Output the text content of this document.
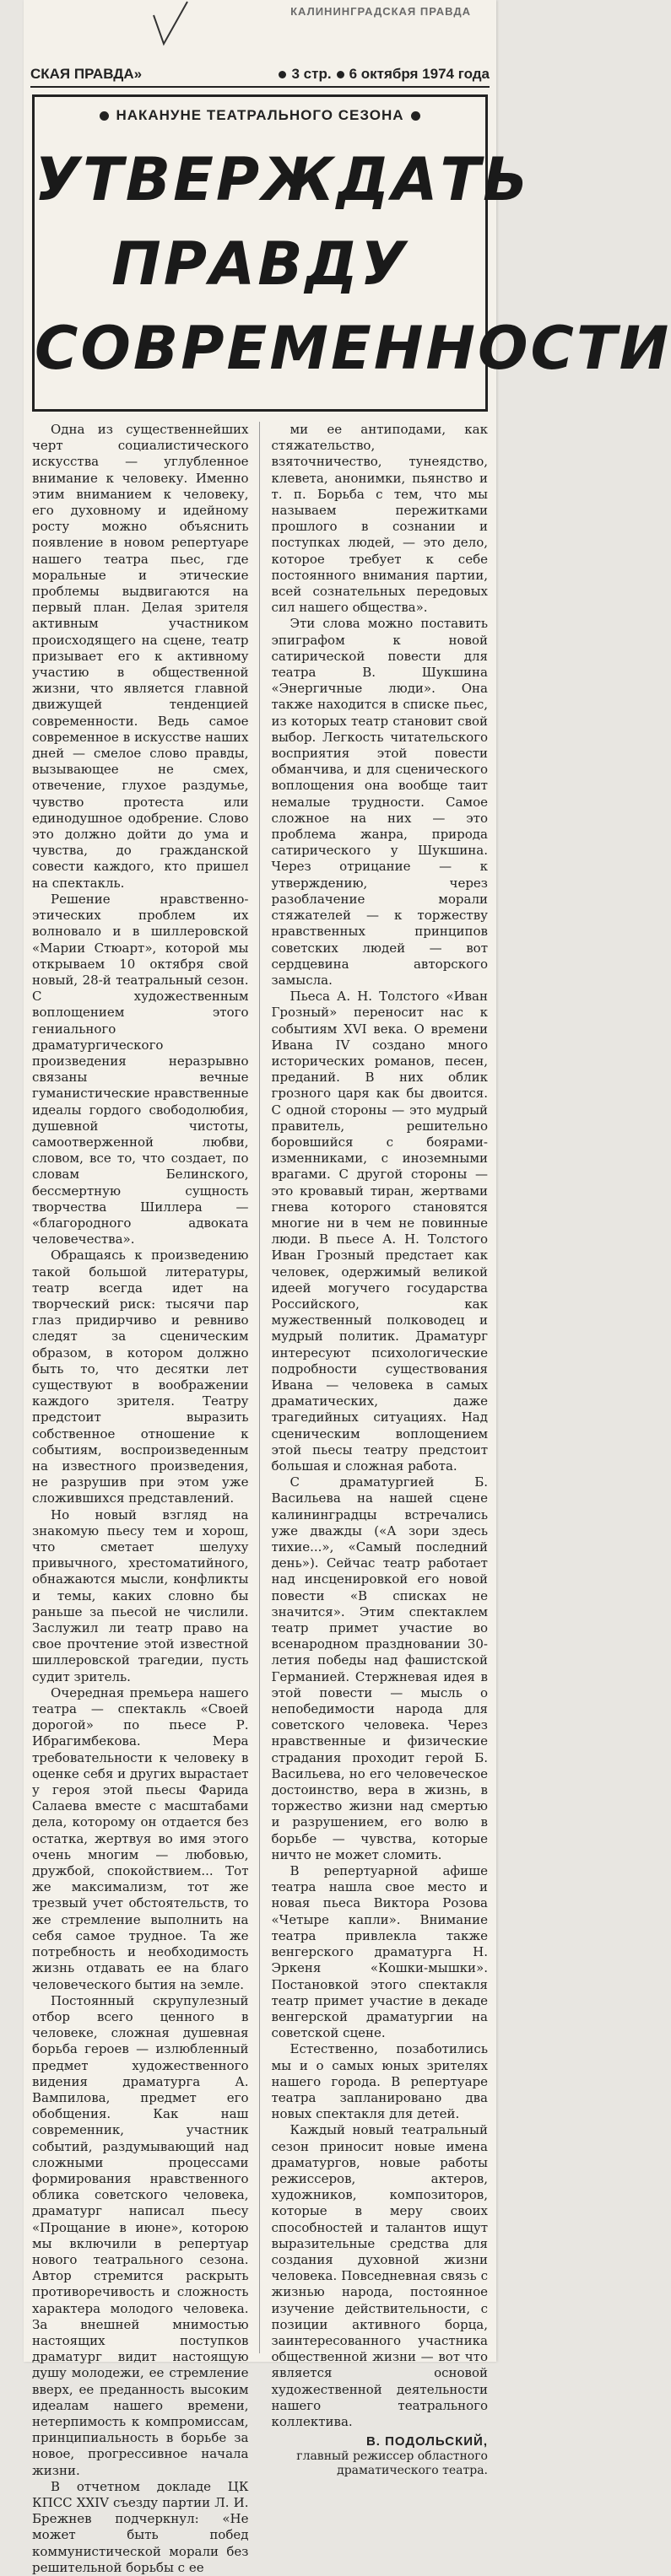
КАЛИНИНГРАДСКАЯ ПРАВДА
СКАЯ ПРАВДА»	3 стр. 6 октября 1974 года
НАКАНУНЕ ТЕАТРАЛЬНОГО СЕЗОНА
УТВЕРЖДАТЬ
ПРАВДУ
СОВРЕМЕННОСТИ

Одна из существеннейших черт социалистического искусства — углубленное внимание к человеку. Именно этим вниманием к человеку, его духовному и идейному росту можно объяснить появление в новом репертуаре нашего театра пьес, где моральные и этические проблемы выдвигаются на первый план. Делая зрителя активным участником происходящего на сцене, театр призывает его к активному участию в общественной жизни, что является главной движущей тенденцией современности. Ведь самое современное в искусстве наших дней — смелое слово правды, вызывающее не смех, отвечение, глухое раздумье, чувство протеста или единодушное одобрение. Слово это должно дойти до ума и чувства, до гражданской совести каждого, кто пришел на спектакль.

Решение нравственно-этических проблем их волновало и в шиллеровской «Марии Стюарт», которой мы открываем 10 октября свой новый, 28-й театральный сезон. С художественным воплощением этого гениального драматургического произведения неразрывно связаны вечные гуманистические нравственные идеалы гордого свободолюбия, душевной чистоты, самоотверженной любви, словом, все то, что создает, по словам Белинского, бессмертную сущность творчества Шиллера — «благородного адвоката человечества».

Обращаясь к произведению такой большой литературы, театр всегда идет на творческий риск: тысячи пар глаз придирчиво и ревниво следят за сценическим образом, в котором должно быть то, что десятки лет существуют в воображении каждого зрителя. Театру предстоит выразить собственное отношение к событиям, воспроизведенным на известного произведения, не разрушив при этом уже сложившихся представлений.

Но новый взгляд на знакомую пьесу тем и хорош, что сметает шелуху привычного, хрестоматийного, обнажаются мысли, конфликты и темы, каких словно бы раньше за пьесой не числили. Заслужил ли театр право на свое прочтение этой известной шиллеровской трагедии, пусть судит зритель.

Очередная премьера нашего театра — спектакль «Своей дорогой» по пьесе Р. Ибрагимбекова. Мера требовательности к человеку в оценке себя и других вырастает у героя этой пьесы Фарида Салаева вместе с масштабами дела, которому он отдается без остатка, жертвуя во имя этого очень многим — любовью, дружбой, спокойствием... Тот же максимализм, тот же трезвый учет обстоятельств, то же стремление выполнить на себя самое трудное. Та же потребность и необходимость жизнь отдавать ее на благо человеческого бытия на земле.

Постоянный скрупулезный отбор всего ценного в человеке, сложная душевная борьба героев — излюбленный предмет художественного видения драматурга А. Вампилова, предмет его обобщения. Как наш современник, участник событий, раздумывающий над сложными процессами формирования нравственного облика советского человека, драматург написал пьесу «Прощание в июне», которою мы включили в репертуар нового театрального сезона. Автор стремится раскрыть противоречивость и сложность характера молодого человека. За внешней мнимостью настоящих поступков драматург видит настоящую душу молодежи, ее стремление вверх, ее преданность высоким идеалам нашего времени, нетерпимость к компромиссам, принципиальность в борьбе за новое, прогрессивное начала жизни.

В отчетном докладе ЦК КПСС XXIV съезду партии Л. И. Брежнев подчеркнул: «Не может быть побед коммунистической морали без решительной борьбы с ее

ми ее антиподами, как стяжательство, взяточничество, тунеядство, клевета, анонимки, пьянство и т. п. Борьба с тем, что мы называем пережитками прошлого в сознании и поступках людей, — это дело, которое требует к себе постоянного внимания партии, всей сознательных передовых сил нашего общества».

Эти слова можно поставить эпиграфом к новой сатирической повести для театра В. Шукшина «Энергичные люди». Она также находится в списке пьес, из которых театр становит свой выбор. Легкость читательского восприятия этой повести обманчива, и для сценического воплощения она вообще таит немалые трудности. Самое сложное на них — это проблема жанра, природа сатирического у Шукшина. Через отрицание — к утверждению, через разоблачение морали стяжателей — к торжеству нравственных принципов советских людей — вот сердцевина авторского замысла.

Пьеса А. Н. Толстого «Иван Грозный» переносит нас к событиям XVI века. О времени Ивана IV создано много исторических романов, песен, преданий. В них облик грозного царя как бы двоится. С одной стороны — это мудрый правитель, решительно боровшийся с боярами-изменниками, с иноземными врагами. С другой стороны — это кровавый тиран, жертвами гнева которого становятся многие ни в чем не повинные люди. В пьесе А. Н. Толстого Иван Грозный предстает как человек, одержимый великой идеей могучего государства Российского, как мужественный полководец и мудрый политик. Драматург интересуют психологические подробности существования Ивана — человека в самых драматических, даже трагедийных ситуациях. Над сценическим воплощением этой пьесы театру предстоит большая и сложная работа.

С драматургией Б. Васильева на нашей сцене калининградцы встречались уже дважды («А зори здесь тихие...», «Самый последний день»). Сейчас театр работает над инсценировкой его новой повести «В списках не значится». Этим спектаклем театр примет участие во всенародном праздновании 30-летия победы над фашистской Германией. Стержневая идея в этой повести — мысль о непобедимости народа для советского человека. Через нравственные и физические страдания проходит герой Б. Васильева, но его человеческое достоинство, вера в жизнь, в торжество жизни над смертью и разрушением, его волю в борьбе — чувства, которые ничто не может сломить.

В репертуарной афише театра нашла свое место и новая пьеса Виктора Розова «Четыре капли». Внимание театра привлекла также венгерского драматурга Н. Эркеня «Кошки-мышки». Постановкой этого спектакля театр примет участие в декаде венгерской драматургии на советской сцене.

Естественно, позаботились мы и о самых юных зрителях нашего города. В репертуаре театра запланировано два новых спектакля для детей.

Каждый новый театральный сезон приносит новые имена драматургов, новые работы режиссеров, актеров, художников, композиторов, которые в меру своих способностей и талантов ищут выразительные средства для создания духовной жизни человека. Повседневная связь с жизнью народа, постоянное изучение действительности, с позиции активного борца, заинтересованного участника общественной жизни — вот что является основой художественной деятельности нашего театрального коллектива.

В. ПОДОЛЬСКИЙ,
главный режиссер областного драматического театра.
